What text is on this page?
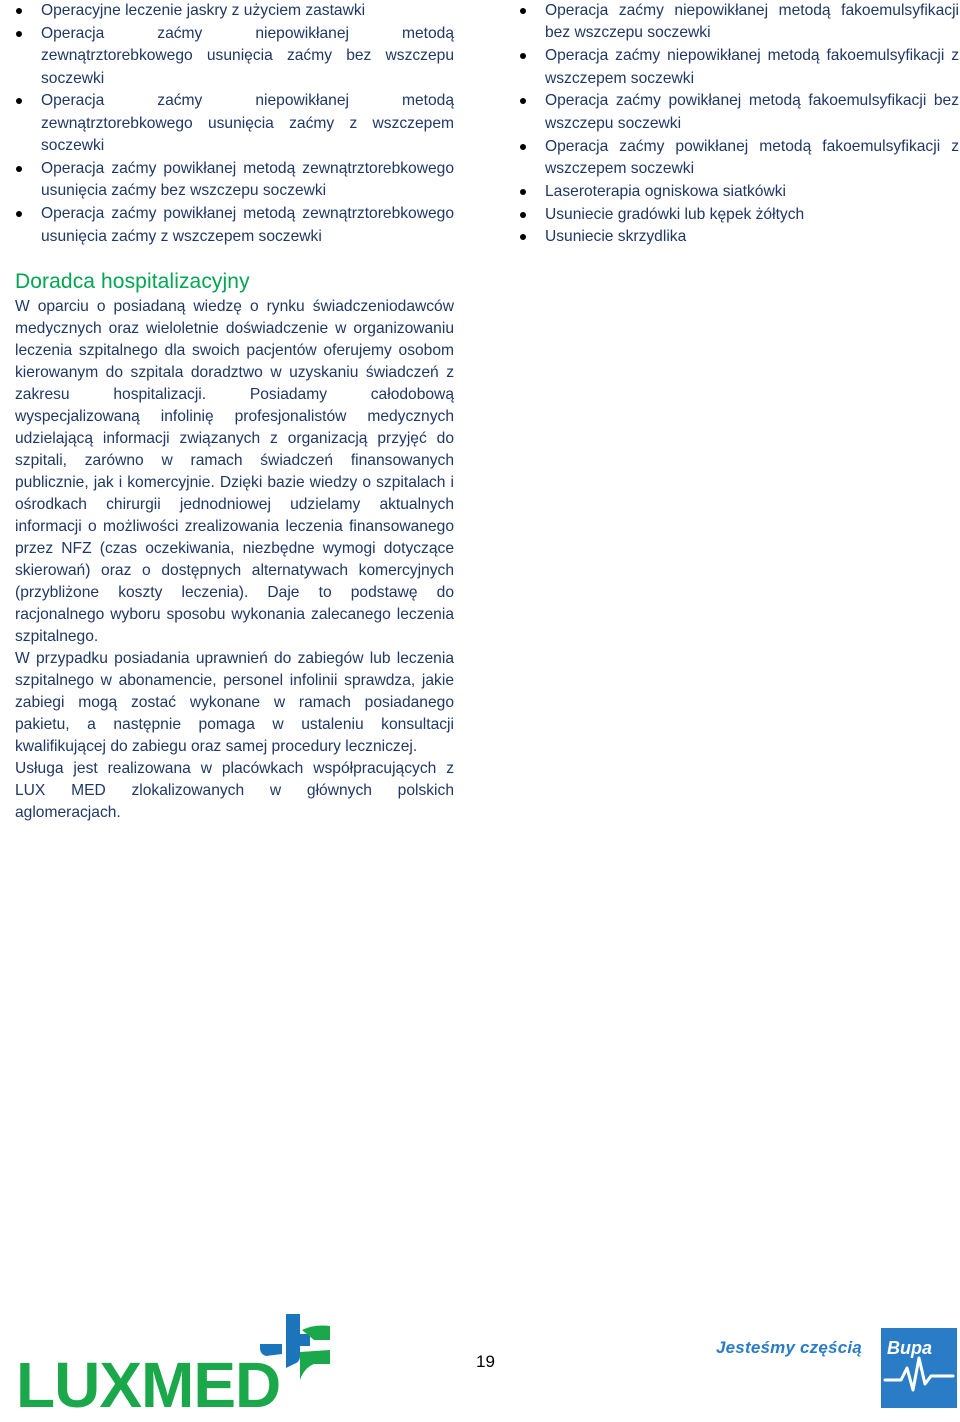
Operacyjne leczenie jaskry z użyciem zastawki
Operacja zaćmy niepowikłanej metodą zewnątrztorebkowego usunięcia zaćmy bez wszczepu soczewki
Operacja zaćmy niepowikłanej metodą zewnątrztorebkowego usunięcia zaćmy z wszczepem soczewki
Operacja zaćmy powikłanej metodą zewnątrztorebkowego usunięcia zaćmy bez wszczepu soczewki
Operacja zaćmy powikłanej metodą zewnątrztorebkowego usunięcia zaćmy z wszczepem soczewki
Doradca hospitalizacyjny

W oparciu o posiadaną wiedzę o rynku świadczeniodawców medycznych oraz wieloletnie doświadczenie w organizowaniu leczenia szpitalnego dla swoich pacjentów oferujemy osobom kierowanym do szpitala doradztwo w uzyskaniu świadczeń z zakresu hospitalizacji. Posiadamy całodobową wyspecjalizowaną infolinię profesjonalistów medycznych udzielającą informacji związanych z organizacją przyjęć do szpitali, zarówno w ramach świadczeń finansowanych publicznie, jak i komercyjnie. Dzięki bazie wiedzy o szpitalach i ośrodkach chirurgii jednodniowej udzielamy aktualnych informacji o możliwości zrealizowania leczenia finansowanego przez NFZ (czas oczekiwania, niezbędne wymogi dotyczące skierowań) oraz o dostępnych alternatywach komercyjnych (przybliżone koszty leczenia). Daje to podstawę do racjonalnego wyboru sposobu wykonania zalecanego leczenia szpitalnego.

W przypadku posiadania uprawnień do zabiegów lub leczenia szpitalnego w abonamencie, personel infolinii sprawdza, jakie zabiegi mogą zostać wykonane w ramach posiadanego pakietu, a następnie pomaga w ustaleniu konsultacji kwalifikującej do zabiegu oraz samej procedury leczniczej.

Usługa jest realizowana w placówkach współpracujących z LUX MED zlokalizowanych w głównych polskich aglomeracjach.

Operacja zaćmy niepowikłanej metodą fakoemulsyfikacji bez wszczepu soczewki
Operacja zaćmy niepowikłanej metodą fakoemulsyfikacji z wszczepem soczewki
Operacja zaćmy powikłanej metodą fakoemulsyfikacji bez wszczepu soczewki
Operacja zaćmy powikłanej metodą fakoemulsyfikacji z wszczepem soczewki
Laseroterapia ogniskowa siatkówki
Usuniecie gradówki lub kępek żółtych
Usuniecie skrzydlika
LUXMED	19
Jesteśmy częścią Bupa
